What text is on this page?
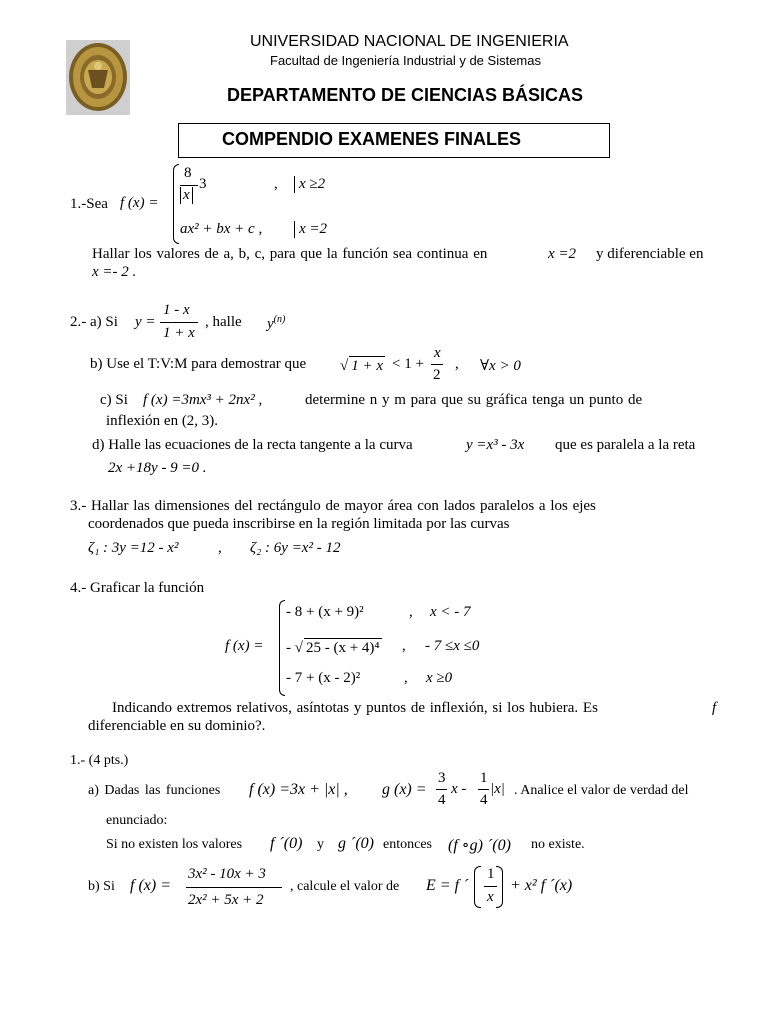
UNIVERSIDAD NACIONAL DE INGENIERIA
Facultad de Ingeniería Industrial y de Sistemas
DEPARTAMENTO DE CIENCIAS BÁSICAS
COMPENDIO EXAMENES FINALES
1.-Sea f (x) =
8
x
3	,	x ≥2
ax² + bx + c ,	x =2
Hallar los valores de a, b, c, para que la función sea continua en	x =2 y diferenciable en
x =- 2 .
2.- a) Si y =
1 - x
1 + x
, halle $y^{(n)}$
b) Use el T:V:M para demostrar que √ 1 + x < 1 +
x
2
, ∀x > 0
c) Si f (x) =3mx³ + 2nx² ,	determine n y m para que su gráfica tenga un punto de
inflexión en (2, 3).
d) Halle las ecuaciones de la recta tangente a la curva	y =x³ - 3x que es paralela a la reta
2x +18y - 9 =0 .
3.- Hallar las dimensiones del rectángulo de mayor área con lados paralelos a los ejes
coordenados que pueda inscribirse en la región limitada por las curvas
ζ₁ : 3y =12 - x²	, ζ₂ : 6y =x² - 12
4.- Graficar la función
f (x) =
- 8 + (x + 9)²	, x < - 7
- √ 25 - (x + 4)⁴ , - 7 ≤x ≤0
- 7 + (x - 2)²	, x ≥0
Indicando extremos relativos, asíntotas y puntos de inflexión, si los hubiera. Es	f
diferenciable en su dominio?.
1.- (4 pts.)
a) Dadas las funciones f (x) =3x + |x| , g (x) =
3
4
x -
1
4
|x| . Analice el valor de verdad del
enunciado:
Si no existen los valores f ´(0) y g ´(0) entonces (f ∘g) ´(0) no existe.
b) Si f (x) =
3x² - 10x + 3
2x² + 5x + 2
, calcule el valor de E = f ´
1
x
+ x² f ´(x)
